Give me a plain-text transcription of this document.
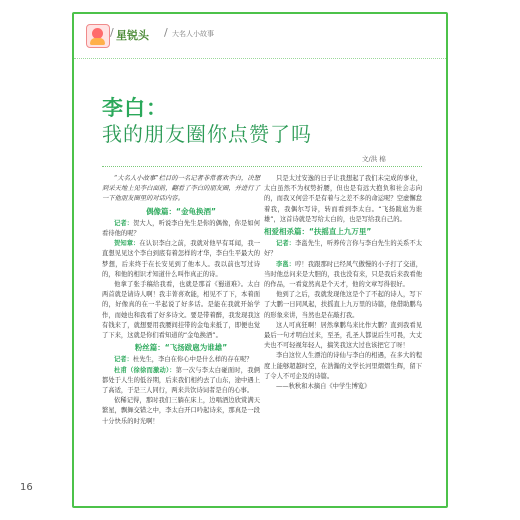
/ 星锐头 / 大名人小故事
李白：
我的朋友圈你点赞了吗
文/洪 棉

“大名人小故事”栏目的一名记者非常喜欢李白，决想到采天地上见李白面前，翻看了李白的朋友圈，并进行了一下他朋友圈里的对话内容。

偶像篇：“金龟换酒”

记者：贺大人，听说李白先生是你的偶像，你是如何看待他的呢？

贺知章：在认识李白之前，我就对他早有耳闻，我一直想见见这个李白到底有着怎样的才华，李白生平最大的梦想，后来终于在长安见到了他本人。我以前也写过诗的，和他的相识才知道什么叫作真正的诗。

他拿了张手稿给我看，也就是那首《蜀道难》。太白两首就是请诗人啊！我丰菁喜欢能，相见不了下，本着面的，好像真的在一半起说了好多话。是能在我就开始学作，而她也和我看了好多诗文。要是带着醉，我发现我这有钱来了，就想要用我腰间挂带的金龟来抵了，即便也觉了下来，这就是你们看知道的“金龟换酒”。

粉丝篇：“飞扬跋扈为谁雄”

记者：杜先生，李白在你心中是什么样的存在呢？

杜甫（徐徐而激动）：第一次与李太白碰面时，我俩都处于人生的低谷期，后来我们相约去了山东，途中遇上了高适，于是三人同行，两来共饮诗词者是自的心事。

依稀记得，那时我们三躺在床上，边唱酒边欣赏满天繁星，飘舞交错之中，李太白开口吟起诗来，那真是一段十分快乐的时光啊！

只是太过安逸的日子让我想起了我们未完成的事业，太白虽然不为权势折腰，但也是有远大抱负和社会志向的，而我又何尝不是有着与之差不多的命运呢？空虚懈怠着我，我偶尔写诗，转而看到李太白。“飞扬跋扈为谁雄”，这首诗就是写给太白的，也是写给我自己的。

相爱相杀篇：“扶摇直上九万里”

记者：李邕先生，听养传言你与李白先生的关系不太好？

李邕：哼！我跟那时已经风气傲慢的小子打了交道，当时他总问来是大胆的，我也没有来，只是我后来我看他的作品，一看竟然真是个天才，他的文章写得很好。

他到了之后，我就发现他这是个了不起的诗人，写下了大鹏一日同风起，扶摇直上九万里的诗篇，他借助鹏鸟的形象来讲，当然也是在敲打我。

这人可真狂啊！居然拿鹏鸟来比作大鹏？直到我看见最后一句才明白过来，至圣，孔圣人都说后生可畏，大丈夫也不可轻视年轻人，搞笑我这大过也该把它了呀！

李白这位人生漂泊的诗仙与李白的相遇，在多大的程度上能够超越时空，在浩瀚的文学长河里熠熠生辉，留下了令人不可企及的诗篇。

——秋秋和木摘自《中学生博览》

16
